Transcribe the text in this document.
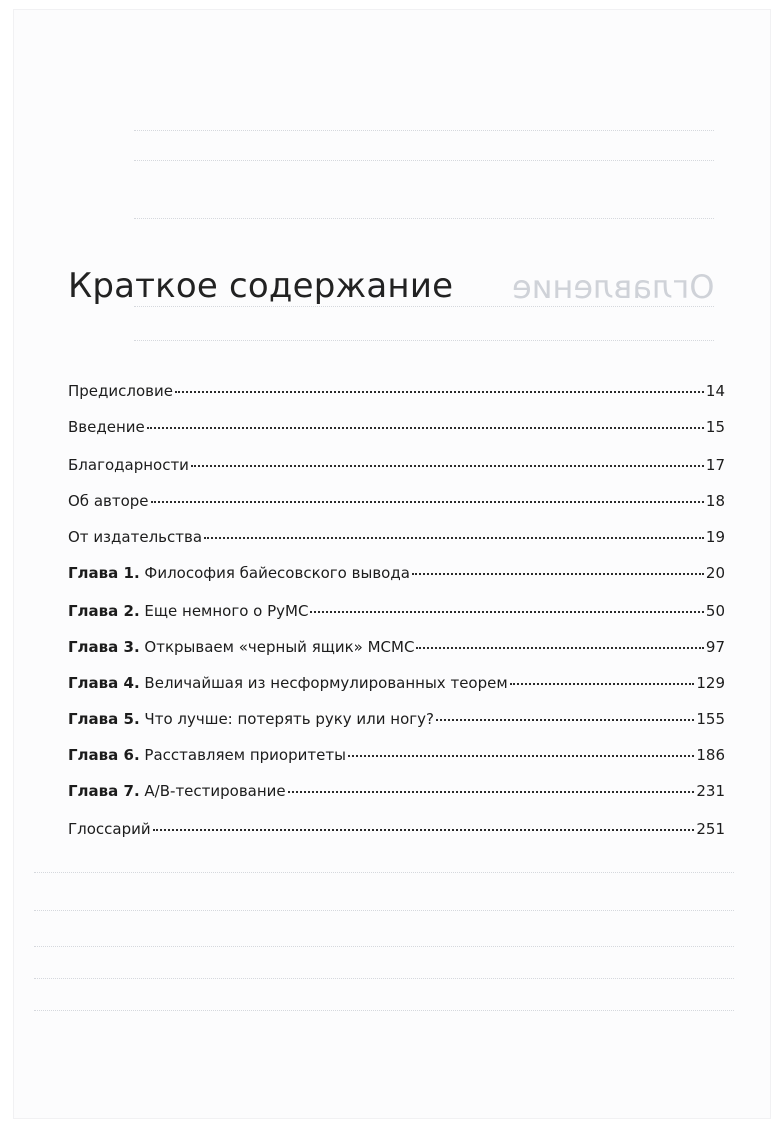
Оглавление
Краткое содержание
Предисловие	14
Введение	15
Благодарности	17
Об авторе	18
От издательства	19
Глава 1. Философия байесовского вывода	20
Глава 2. Еще немного о PyMC	50
Глава 3. Открываем «черный ящик» MCMC	97
Глава 4. Величайшая из несформулированных теорем	129
Глава 5. Что лучше: потерять руку или ногу?	155
Глава 6. Расставляем приоритеты	186
Глава 7. A/B-тестирование	231
Глоссарий	251
